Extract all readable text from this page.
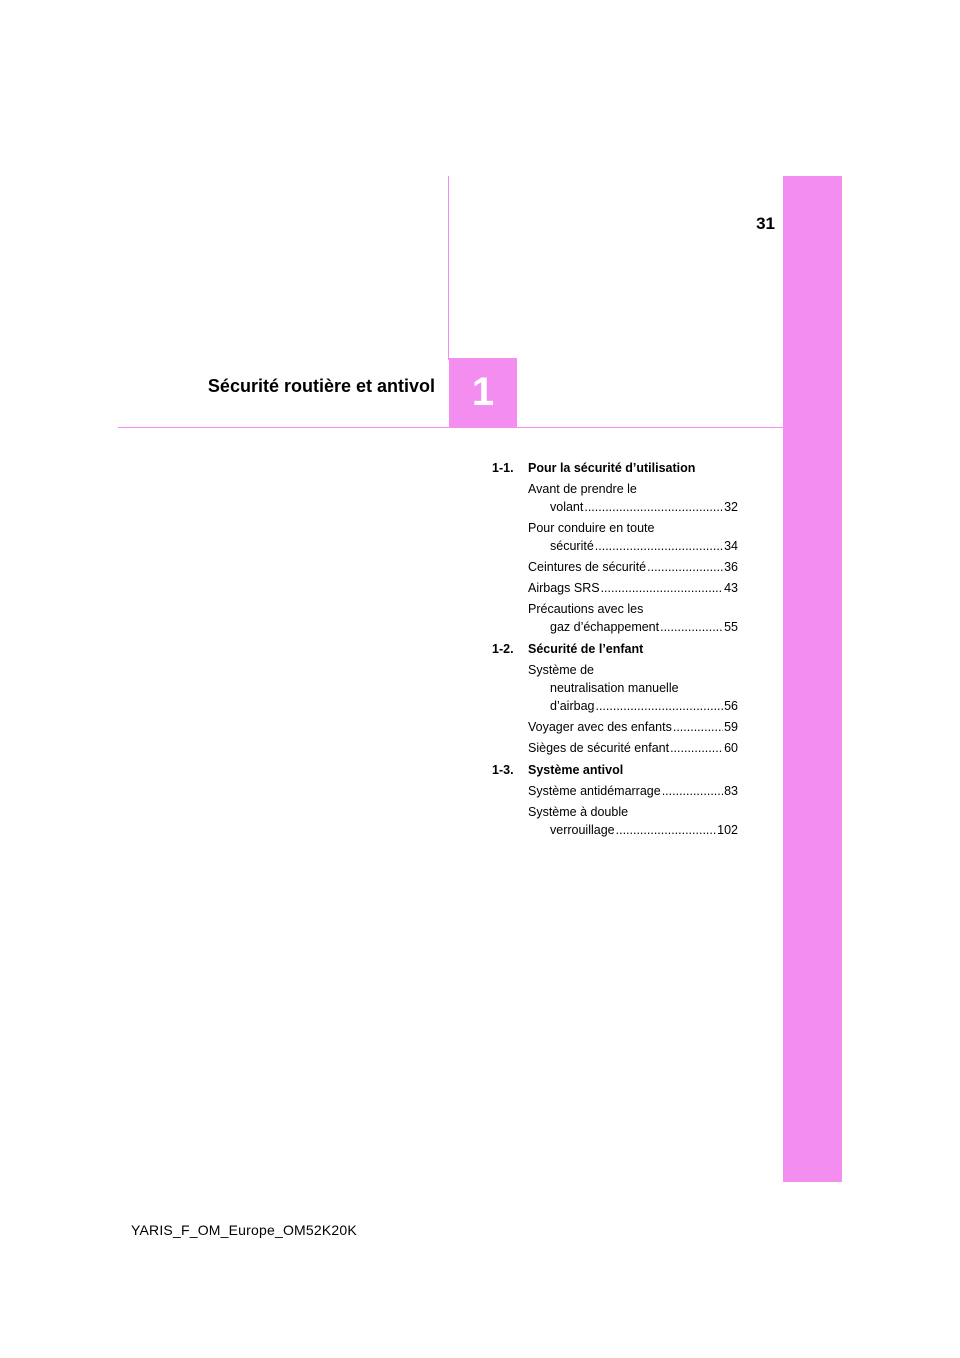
31
1
Sécurité routière et antivol
1-1.	Pour la sécurité d’utilisation
Avant de prendre le
volant .....	32
Pour conduire en toute
sécurité .....	34
Ceintures de sécurité .....	36
Airbags SRS .....	43
Précautions avec les
gaz d’échappement .....	55
1-2.	Sécurité de l’enfant
Système de
neutralisation manuelle
d’airbag .....	56
Voyager avec des enfants .....	59
Sièges de sécurité enfant .....	60
1-3.	Système antivol
Système antidémarrage .....	83
Système à double
verrouillage .....	102
YARIS_F_OM_Europe_OM52K20K
